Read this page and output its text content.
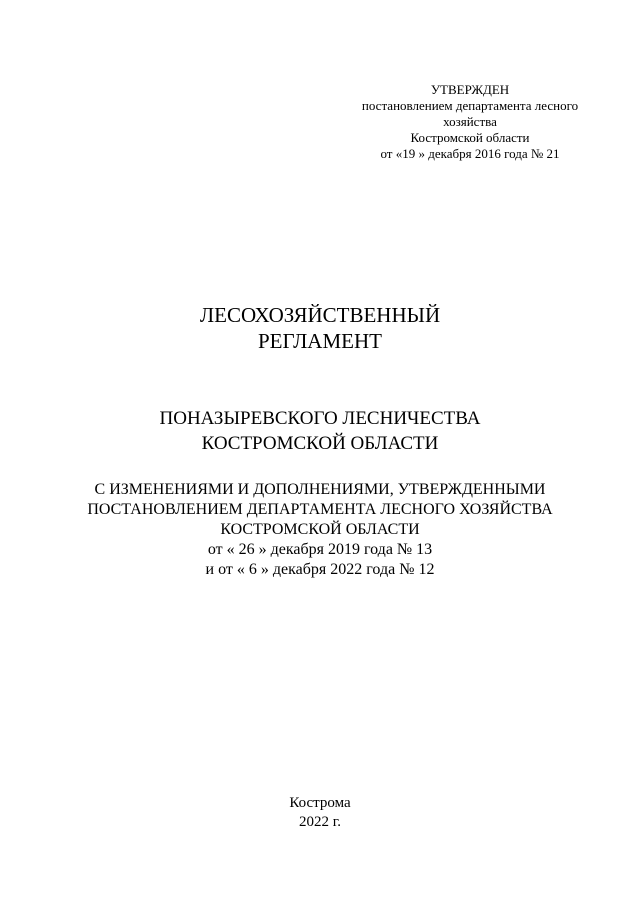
УТВЕРЖДЕН
постановлением департамента лесного
хозяйства
Костромской области
от «19 » декабря 2016 года № 21
ЛЕСОХОЗЯЙСТВЕННЫЙ
РЕГЛАМЕНТ
ПОНАЗЫРЕВСКОГО ЛЕСНИЧЕСТВА
КОСТРОМСКОЙ ОБЛАСТИ
С ИЗМЕНЕНИЯМИ И ДОПОЛНЕНИЯМИ, УТВЕРЖДЕННЫМИ
ПОСТАНОВЛЕНИЕМ ДЕПАРТАМЕНТА ЛЕСНОГО ХОЗЯЙСТВА
КОСТРОМСКОЙ ОБЛАСТИ
от « 26 » декабря 2019 года № 13
и от « 6 » декабря 2022 года № 12
Кострома
2022 г.
